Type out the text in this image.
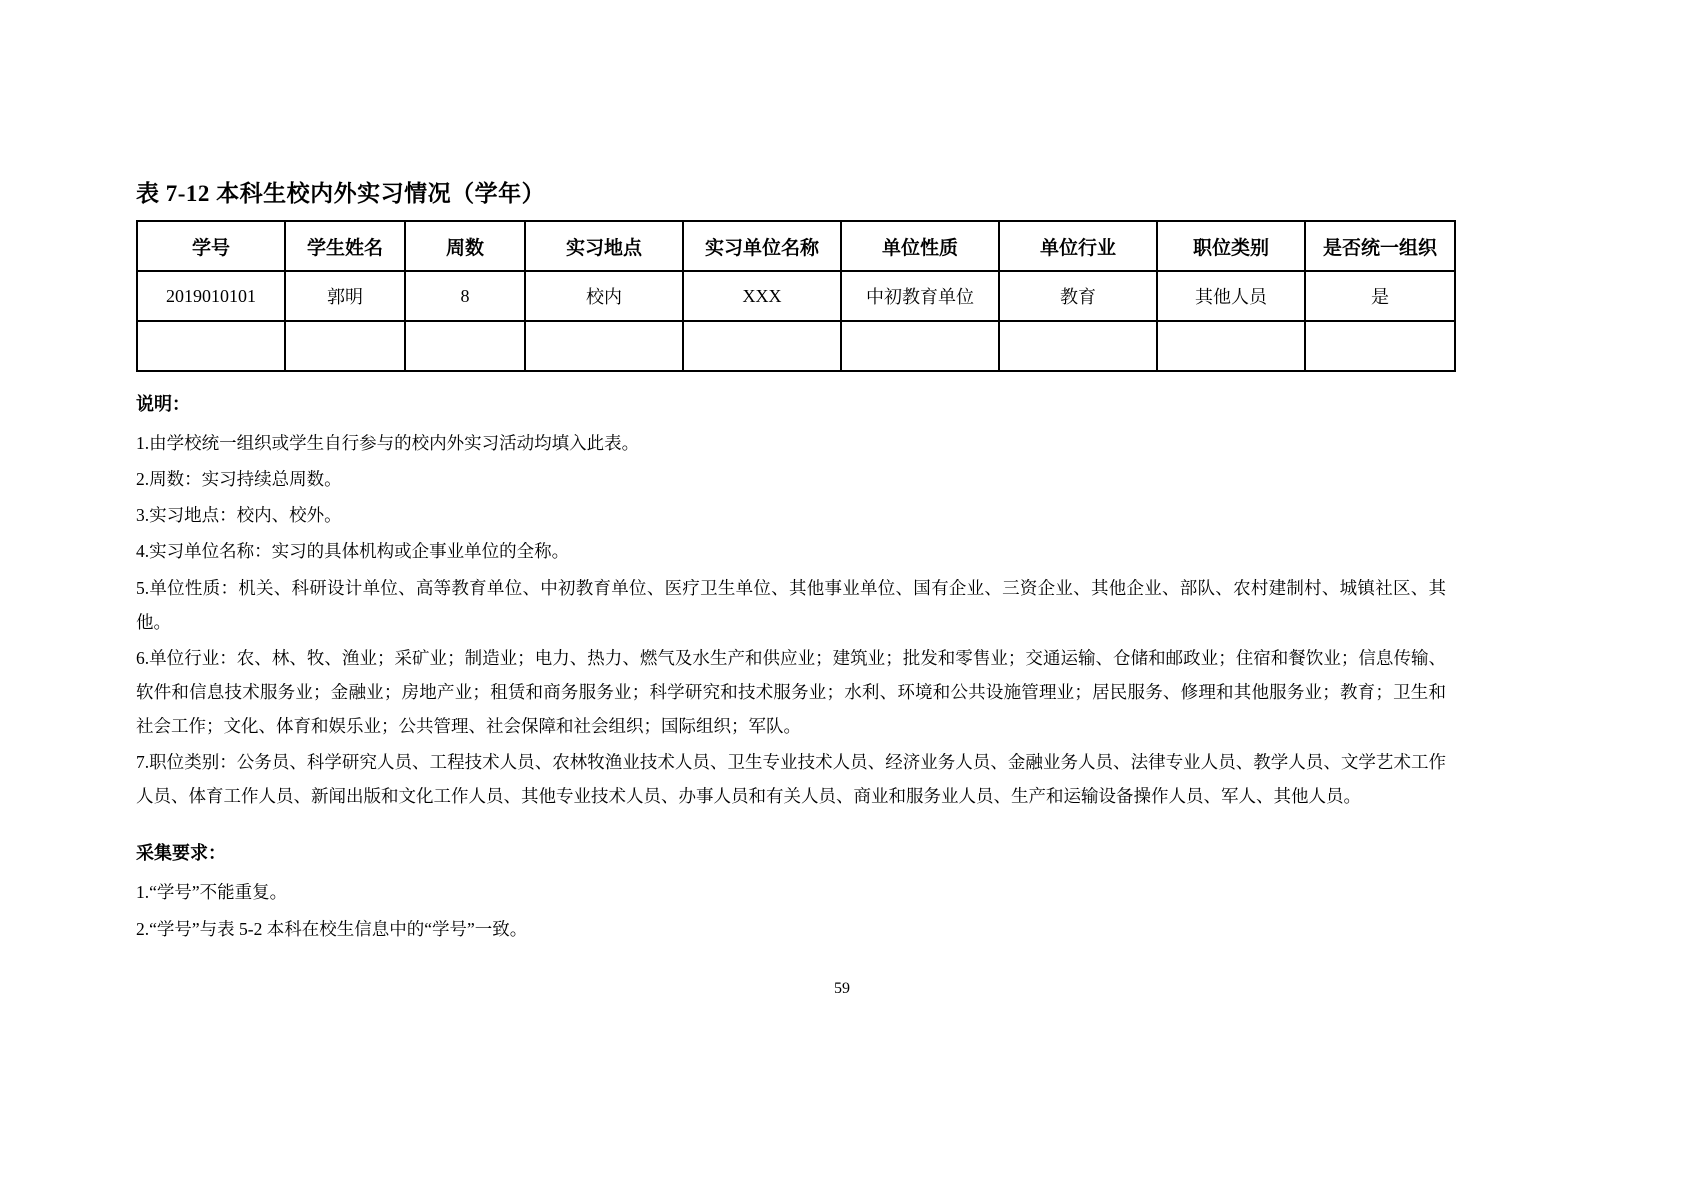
表 7-12 本科生校内外实习情况（学年）
学号	学生姓名	周数	实习地点	实习单位名称	单位性质	单位行业	职位类别	是否统一组织
2019010101	郭明	8	校内	XXX	中初教育单位	教育	其他人员	是

说明：

1.由学校统一组织或学生自行参与的校内外实习活动均填入此表。

2.周数：实习持续总周数。

3.实习地点：校内、校外。

4.实习单位名称：实习的具体机构或企事业单位的全称。

5.单位性质：机关、科研设计单位、高等教育单位、中初教育单位、医疗卫生单位、其他事业单位、国有企业、三资企业、其他企业、部队、农村建制村、城镇社区、其他。

6.单位行业：农、林、牧、渔业；采矿业；制造业；电力、热力、燃气及水生产和供应业；建筑业；批发和零售业；交通运输、仓储和邮政业；住宿和餐饮业；信息传输、软件和信息技术服务业；金融业；房地产业；租赁和商务服务业；科学研究和技术服务业；水利、环境和公共设施管理业；居民服务、修理和其他服务业；教育；卫生和社会工作；文化、体育和娱乐业；公共管理、社会保障和社会组织；国际组织；军队。

7.职位类别：公务员、科学研究人员、工程技术人员、农林牧渔业技术人员、卫生专业技术人员、经济业务人员、金融业务人员、法律专业人员、教学人员、文学艺术工作人员、体育工作人员、新闻出版和文化工作人员、其他专业技术人员、办事人员和有关人员、商业和服务业人员、生产和运输设备操作人员、军人、其他人员。

采集要求：

1.“学号”不能重复。

2.“学号”与表 5-2 本科在校生信息中的“学号”一致。

59
